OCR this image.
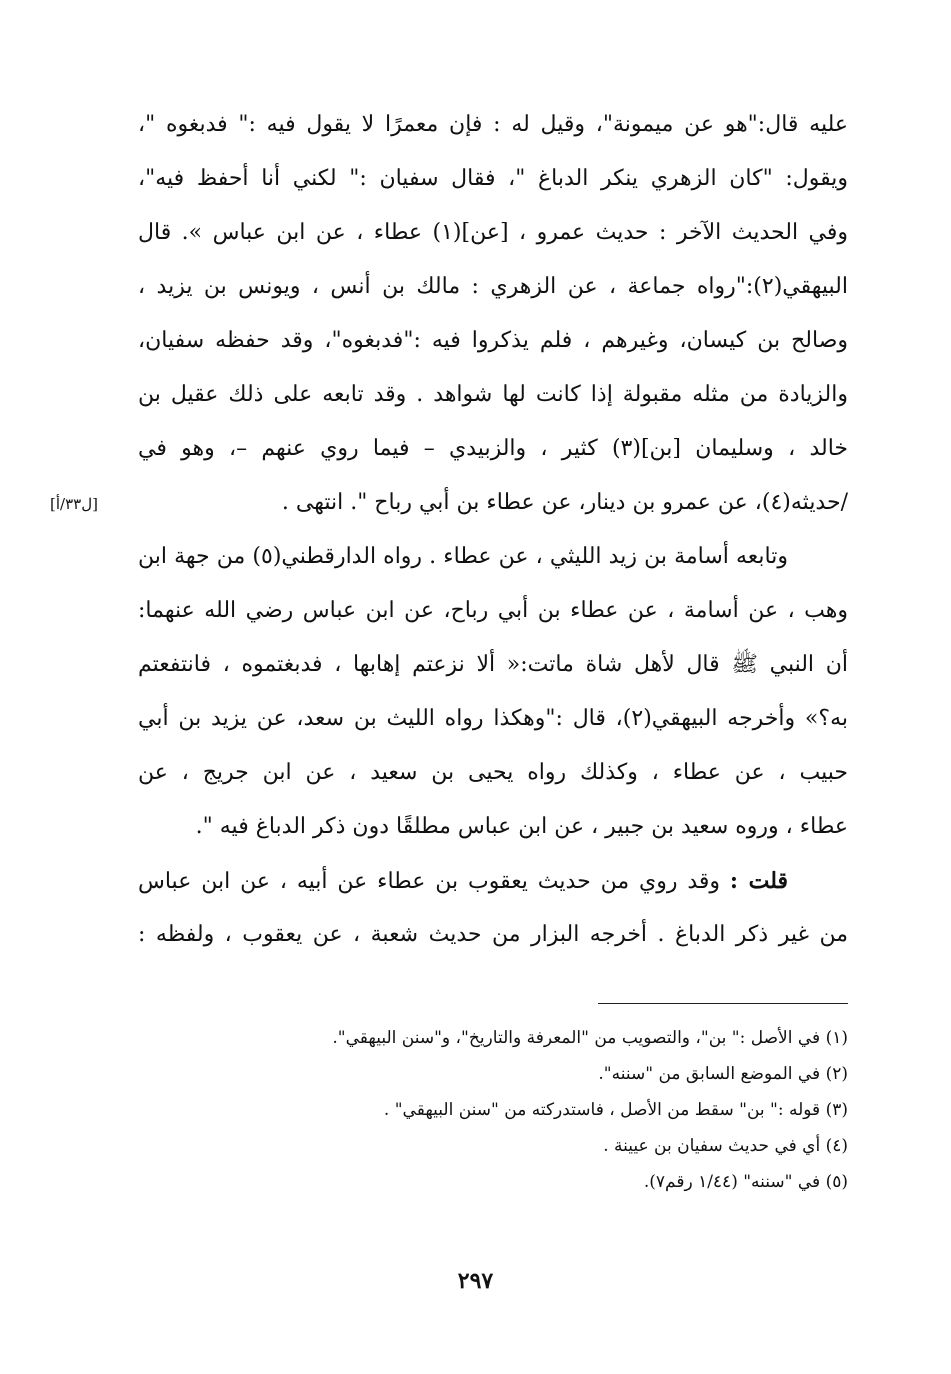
عليه قال:"هو عن ميمونة"، وقيل له : فإن معمرًا لا يقول فيه :" فدبغوه "،
ويقول: "كان الزهري ينكر الدباغ "، فقال سفيان :" لكني أنا أحفظ فيه"،
وفي الحديث الآخر : حديث عمرو ، [عن](١) عطاء ، عن ابن عباس ». قال
البيهقي(٢):"رواه جماعة ، عن الزهري : مالك بن أنس ، ويونس بن يزيد ،
وصالح بن كيسان، وغيرهم ، فلم يذكروا فيه :"فدبغوه"، وقد حفظه سفيان،
والزيادة من مثله مقبولة إذا كانت لها شواهد . وقد تابعه على ذلك عقيل بن
خالد ، وسليمان [بن](٣) كثير ، والزبيدي – فيما روي عنهم –، وهو في
/حديثه(٤)، عن عمرو بن دينار، عن عطاء بن أبي رباح ". انتهى .
وتابعه أسامة بن زيد الليثي ، عن عطاء . رواه الدارقطني(٥) من جهة ابن
وهب ، عن أسامة ، عن عطاء بن أبي رباح، عن ابن عباس رضي الله عنهما:
أن النبي ﷺ قال لأهل شاة ماتت:« ألا نزعتم إهابها ، فدبغتموه ، فانتفعتم
به؟» وأخرجه البيهقي(٢)، قال :"وهكذا رواه الليث بن سعد، عن يزيد بن أبي
حبيب ، عن عطاء ، وكذلك رواه يحيى بن سعيد ، عن ابن جريج ، عن
عطاء ، وروه سعيد بن جبير ، عن ابن عباس مطلقًا دون ذكر الدباغ فيه ".
قلت : وقد روي من حديث يعقوب بن عطاء عن أبيه ، عن ابن عباس
من غير ذكر الدباغ . أخرجه البزار من حديث شعبة ، عن يعقوب ، ولفظه :
[ل٣٣/أ]
(١) في الأصل :" بن"، والتصويب من "المعرفة والتاريخ"، و"سنن البيهقي".
(٢) في الموضع السابق من "سننه".
(٣) قوله :" بن" سقط من الأصل ، فاستدركته من "سنن البيهقي" .
(٤) أي في حديث سفيان بن عيينة .
(٥) في "سننه" (١/٤٤ رقم٧).
٢٩٧
